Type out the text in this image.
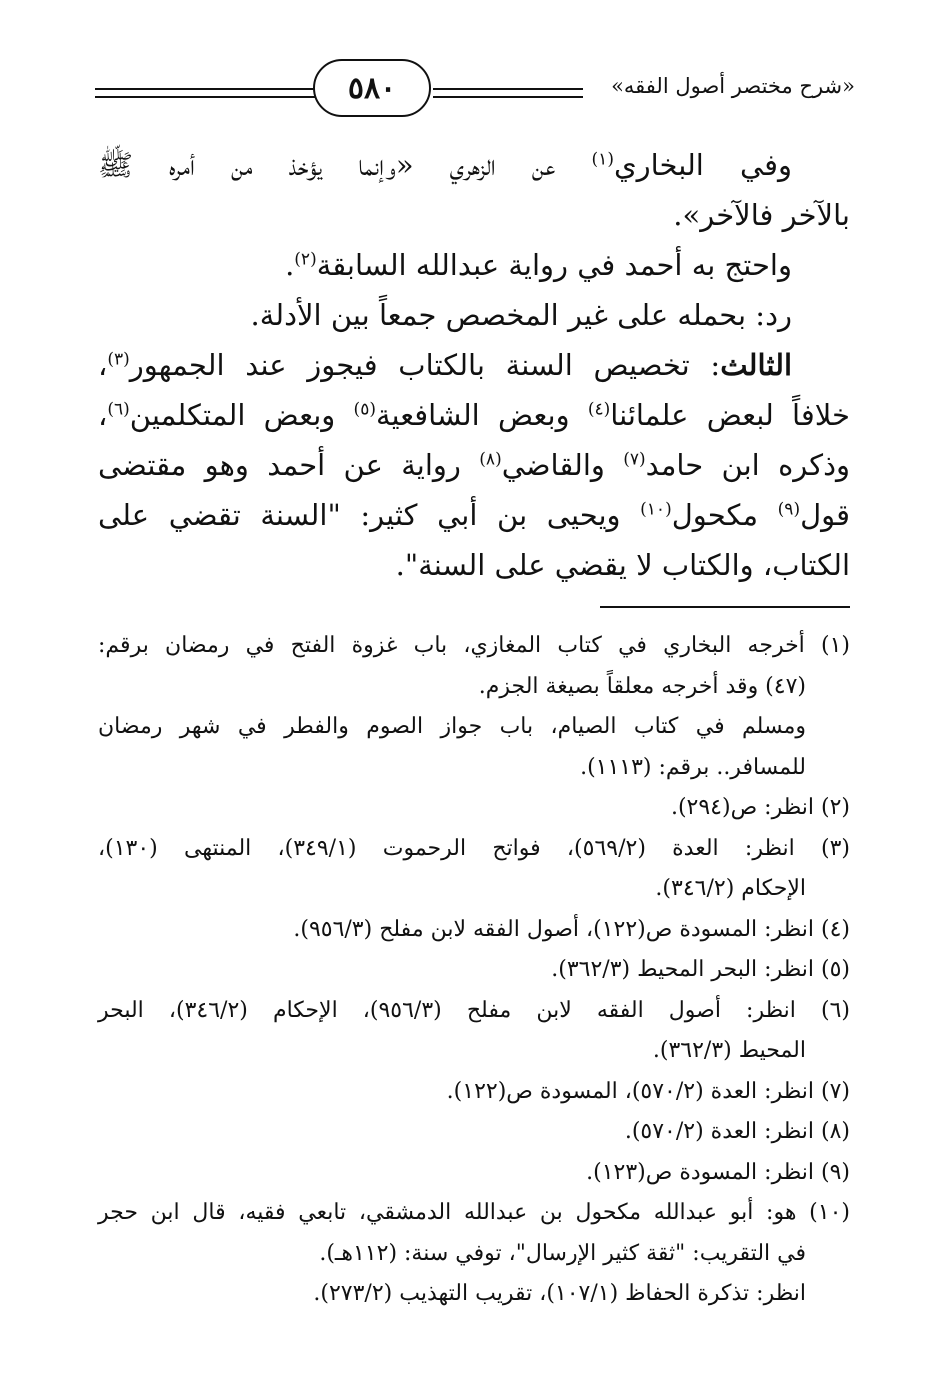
«شرح مختصر أصول الفقه»
٥٨٠
وفي البخاري$^{(١)}$ عن الزهري «وإنما يؤخذ من أمره ﷺ
بالآخر فالآخر».
واحتج به أحمد في رواية عبدالله السابقة$^{(٢)}$.
رد: بحمله على غير المخصص جمعاً بين الأدلة.
الثالث: تخصيص السنة بالكتاب فيجوز عند الجمهور$^{(٣)}$،
خلافاً لبعض علمائنا$^{(٤)}$ وبعض الشافعية$^{(٥)}$ وبعض المتكلمين$^{(٦)}$،
وذكره ابن حامد$^{(٧)}$ والقاضي$^{(٨)}$ رواية عن أحمد وهو مقتضى
قول$^{(٩)}$ مكحول$^{(١٠)}$ ويحيى بن أبي كثير: "السنة تقضي على
الكتاب، والكتاب لا يقضي على السنة".
(١) أخرجه البخاري في كتاب المغازي، باب غزوة الفتح في رمضان برقم:
(٤٧) وقد أخرجه معلقاً بصيغة الجزم.
ومسلم في كتاب الصيام، باب جواز الصوم والفطر في شهر رمضان
للمسافر.. برقم: (١١١٣).
(٢) انظر: ص(٢٩٤).
(٣) انظر: العدة (٥٦٩/٢)، فواتح الرحموت (٣٤٩/١)، المنتهى (١٣٠)،
الإحكام (٣٤٦/٢).
(٤) انظر: المسودة ص(١٢٢)، أصول الفقه لابن مفلح (٩٥٦/٣).
(٥) انظر: البحر المحيط (٣٦٢/٣).
(٦) انظر: أصول الفقه لابن مفلح (٩٥٦/٣)، الإحكام (٣٤٦/٢)، البحر
المحيط (٣٦٢/٣).
(٧) انظر: العدة (٥٧٠/٢)، المسودة ص(١٢٢).
(٨) انظر: العدة (٥٧٠/٢).
(٩) انظر: المسودة ص(١٢٣).
(١٠) هو: أبو عبدالله مكحول بن عبدالله الدمشقي، تابعي فقيه، قال ابن حجر
في التقريب: "ثقة كثير الإرسال"، توفي سنة: (١١٢هـ).
انظر: تذكرة الحفاظ (١٠٧/١)، تقريب التهذيب (٢٧٣/٢).
